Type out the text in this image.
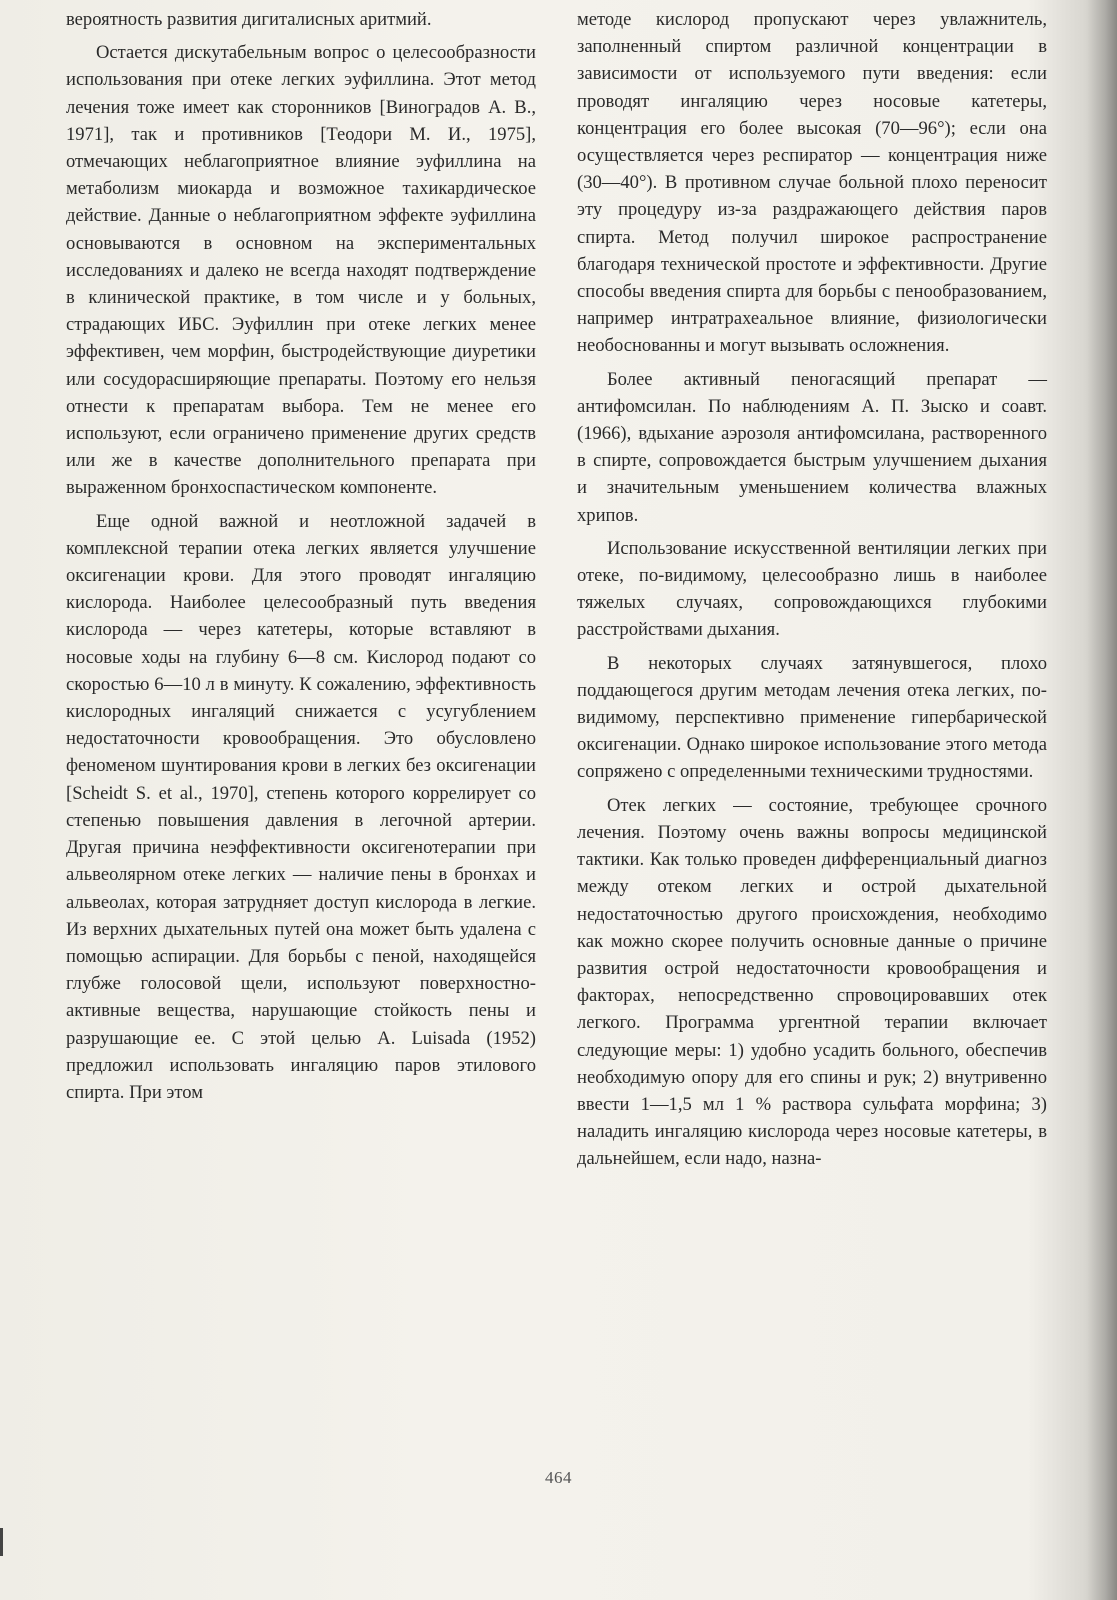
вероятность развития дигиталисных аритмий.

Остается дискутабельным вопрос о целесообразности использования при отеке легких эуфиллина. Этот метод лечения тоже имеет как сторонников [Виноградов А. В., 1971], так и противников [Теодори М. И., 1975], отмечающих неблагоприятное влияние эуфиллина на метаболизм миокарда и возможное тахикардическое действие. Данные о неблагоприятном эффекте эуфиллина основываются в основном на экспериментальных исследованиях и далеко не всегда находят подтверждение в клинической практике, в том числе и у больных, страдающих ИБС. Эуфиллин при отеке легких менее эффективен, чем морфин, быстродействующие диуретики или сосудорасширяющие препараты. Поэтому его нельзя отнести к препаратам выбора. Тем не менее его используют, если ограничено применение других средств или же в качестве дополнительного препарата при выраженном бронхоспастическом компоненте.

Еще одной важной и неотложной задачей в комплексной терапии отека легких является улучшение оксигенации крови. Для этого проводят ингаляцию кислорода. Наиболее целесообразный путь введения кислорода — через катетеры, которые вставляют в носовые ходы на глубину 6—8 см. Кислород подают со скоростью 6—10 л в минуту. К сожалению, эффективность кислородных ингаляций снижается с усугублением недостаточности кровообращения. Это обусловлено феноменом шунтирования крови в легких без оксигенации [Scheidt S. et al., 1970], степень которого коррелирует со степенью повышения давления в легочной артерии. Другая причина неэффективности оксигенотерапии при альвеолярном отеке легких — наличие пены в бронхах и альвеолах, которая затрудняет доступ кислорода в легкие. Из верхних дыхательных путей она может быть удалена с помощью аспирации. Для борьбы с пеной, находящейся глубже голосовой щели, используют поверхностно-активные вещества, нарушающие стойкость пены и разрушающие ее. С этой целью A. Luisada (1952) предложил использовать ингаляцию паров этилового спирта. При этом

методе кислород пропускают через увлажнитель, заполненный спиртом различной концентрации в зависимости от используемого пути введения: если проводят ингаляцию через носовые катетеры, концентрация его более высокая (70—96°); если она осуществляется через респиратор — концентрация ниже (30—40°). В противном случае больной плохо переносит эту процедуру из-за раздражающего действия паров спирта. Метод получил широкое распространение благодаря технической простоте и эффективности. Другие способы введения спирта для борьбы с пенообразованием, например интратрахеальное влияние, физиологически необоснованны и могут вызывать осложнения.

Более активный пеногасящий препарат — антифомсилан. По наблюдениям А. П. Зыско и соавт. (1966), вдыхание аэрозоля антифомсилана, растворенного в спирте, сопровождается быстрым улучшением дыхания и значительным уменьшением количества влажных хрипов.

Использование искусственной вентиляции легких при отеке, по-видимому, целесообразно лишь в наиболее тяжелых случаях, сопровождающихся глубокими расстройствами дыхания.

В некоторых случаях затянувшегося, плохо поддающегося другим методам лечения отека легких, по-видимому, перспективно применение гипербарической оксигенации. Однако широкое использование этого метода сопряжено с определенными техническими трудностями.

Отек легких — состояние, требующее срочного лечения. Поэтому очень важны вопросы медицинской тактики. Как только проведен дифференциальный диагноз между отеком легких и острой дыхательной недостаточностью другого происхождения, необходимо как можно скорее получить основные данные о причине развития острой недостаточности кровообращения и факторах, непосредственно спровоцировавших отек легкого. Программа ургентной терапии включает следующие меры: 1) удобно усадить больного, обеспечив необходимую опору для его спины и рук; 2) внутривенно ввести 1—1,5 мл 1 % раствора сульфата морфина; 3) наладить ингаляцию кислорода через носовые катетеры, в дальнейшем, если надо, назна-

464
